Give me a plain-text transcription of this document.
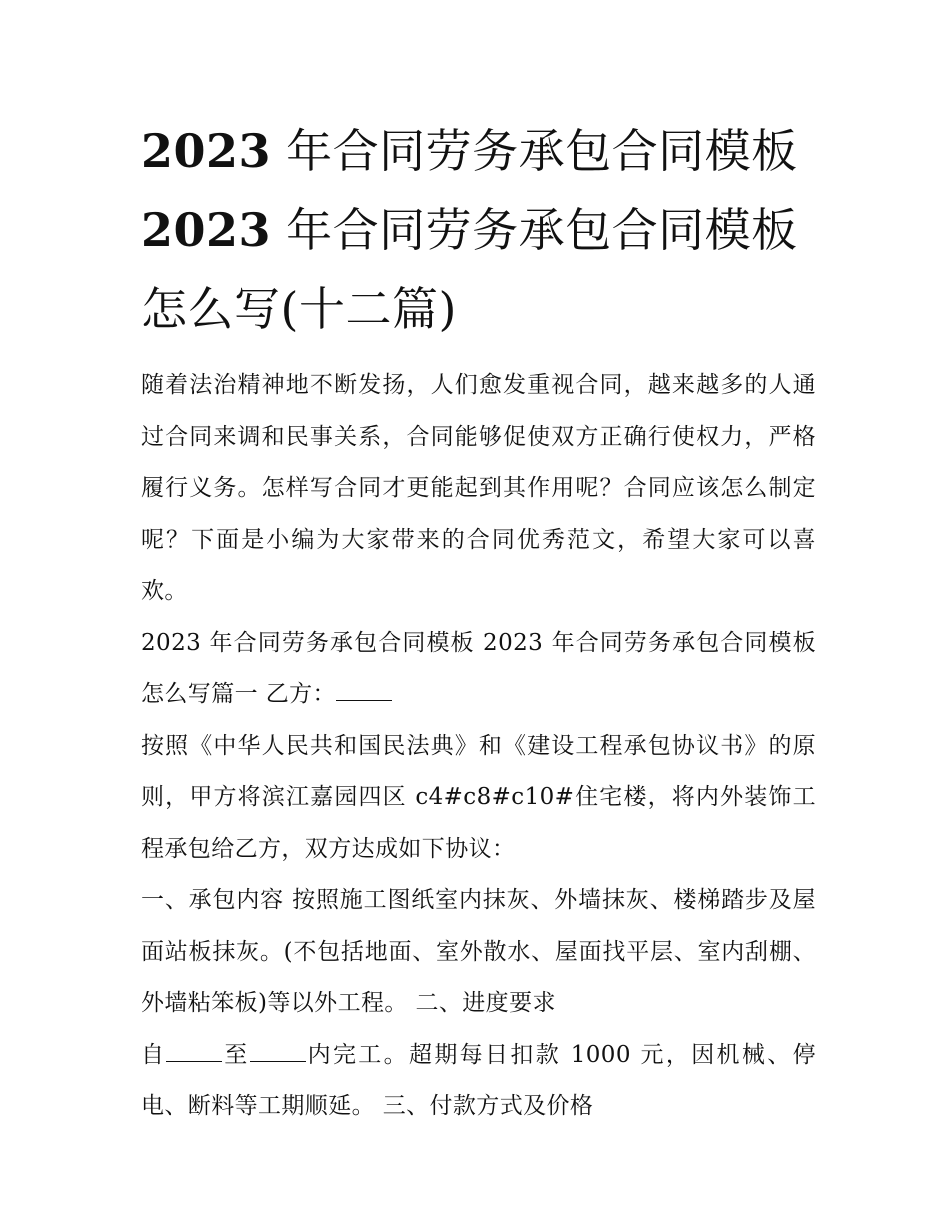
2023 年合同劳务承包合同模板 2023 年合同劳务承包合同模板怎么写(十二篇)

随着法治精神地不断发扬，人们愈发重视合同，越来越多的人通过合同来调和民事关系，合同能够促使双方正确行使权力，严格履行义务。怎样写合同才更能起到其作用呢？合同应该怎么制定呢？下面是小编为大家带来的合同优秀范文，希望大家可以喜欢。

2023 年合同劳务承包合同模板 2023 年合同劳务承包合同模板怎么写篇一 乙方：

按照《中华人民共和国民法典》和《建设工程承包协议书》的原则，甲方将滨江嘉园四区 c4#c8#c10#住宅楼，将内外装饰工程承包给乙方，双方达成如下协议：

一、承包内容 按照施工图纸室内抹灰、外墙抹灰、楼梯踏步及屋面站板抹灰。(不包括地面、室外散水、屋面找平层、室内刮棚、外墙粘笨板)等以外工程。 二、进度要求

自 至 内完工。超期每日扣款 1000 元，因机械、停电、断料等工期顺延。 三、付款方式及价格
